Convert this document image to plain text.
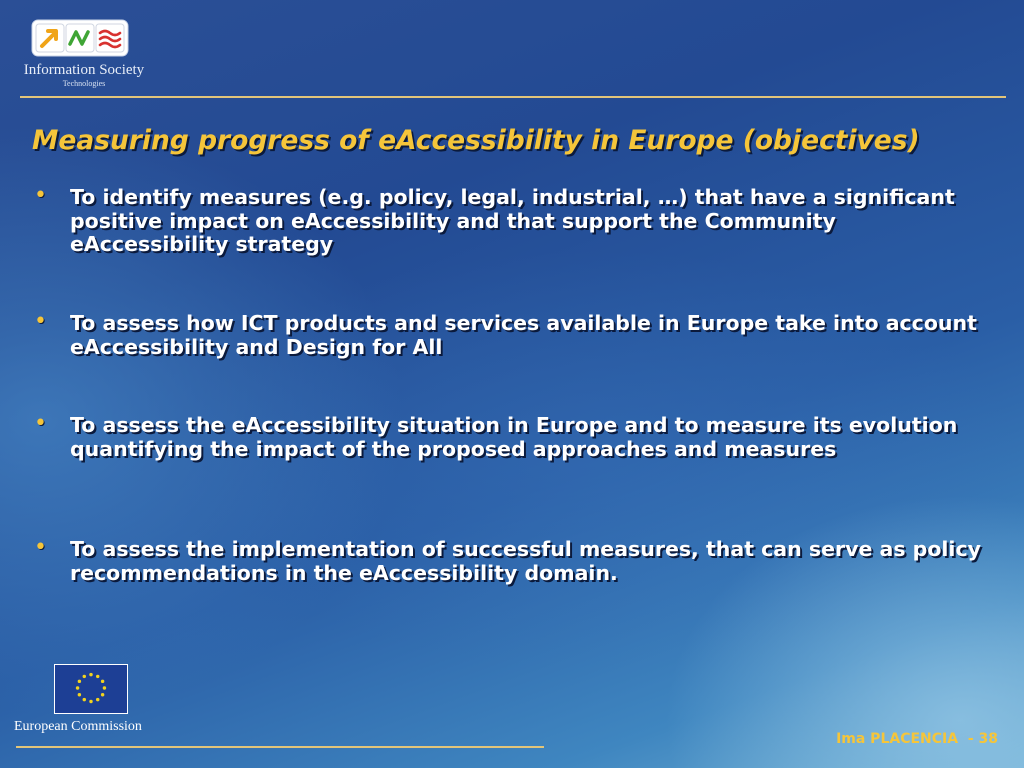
Information Society
Technologies
Measuring progress of eAccessibility in Europe (objectives)
• To identify measures (e.g. policy, legal, industrial, …) that have a significant positive impact on eAccessibility and that support the Community eAccessibility strategy
• To assess how ICT products and services available in Europe take into account eAccessibility and Design for All
• To assess the eAccessibility situation in Europe and to measure its evolution quantifying the impact of the proposed approaches and measures
• To assess the implementation of successful measures, that can serve as policy recommendations in the eAccessibility domain.
European Commission
Ima PLACENCIA - 38
